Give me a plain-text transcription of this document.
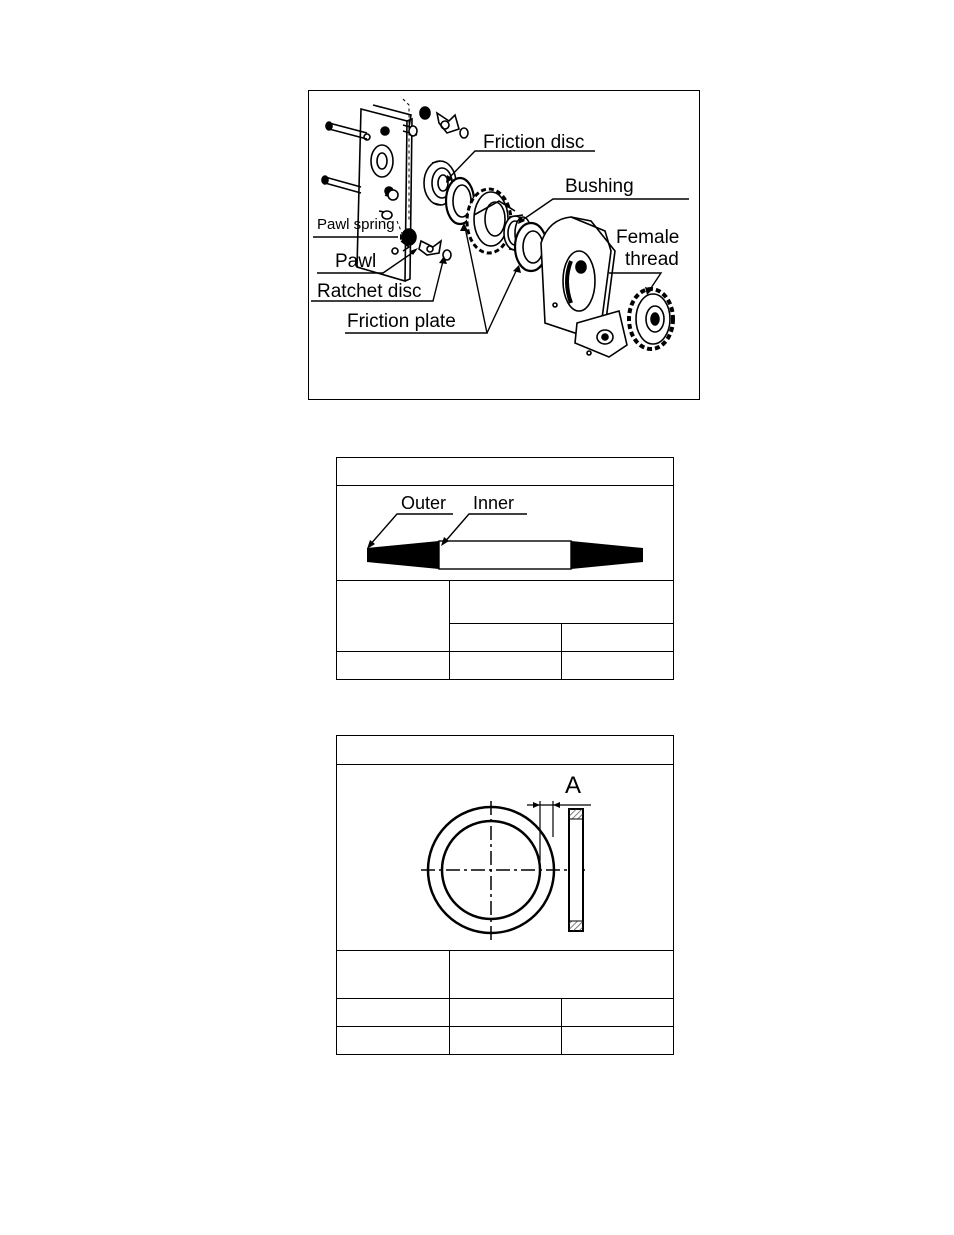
Friction disc
Bushing
Pawl spring
Pawl
Ratchet disc
Friction plate
Female
thread

Outer Inner		

A		
